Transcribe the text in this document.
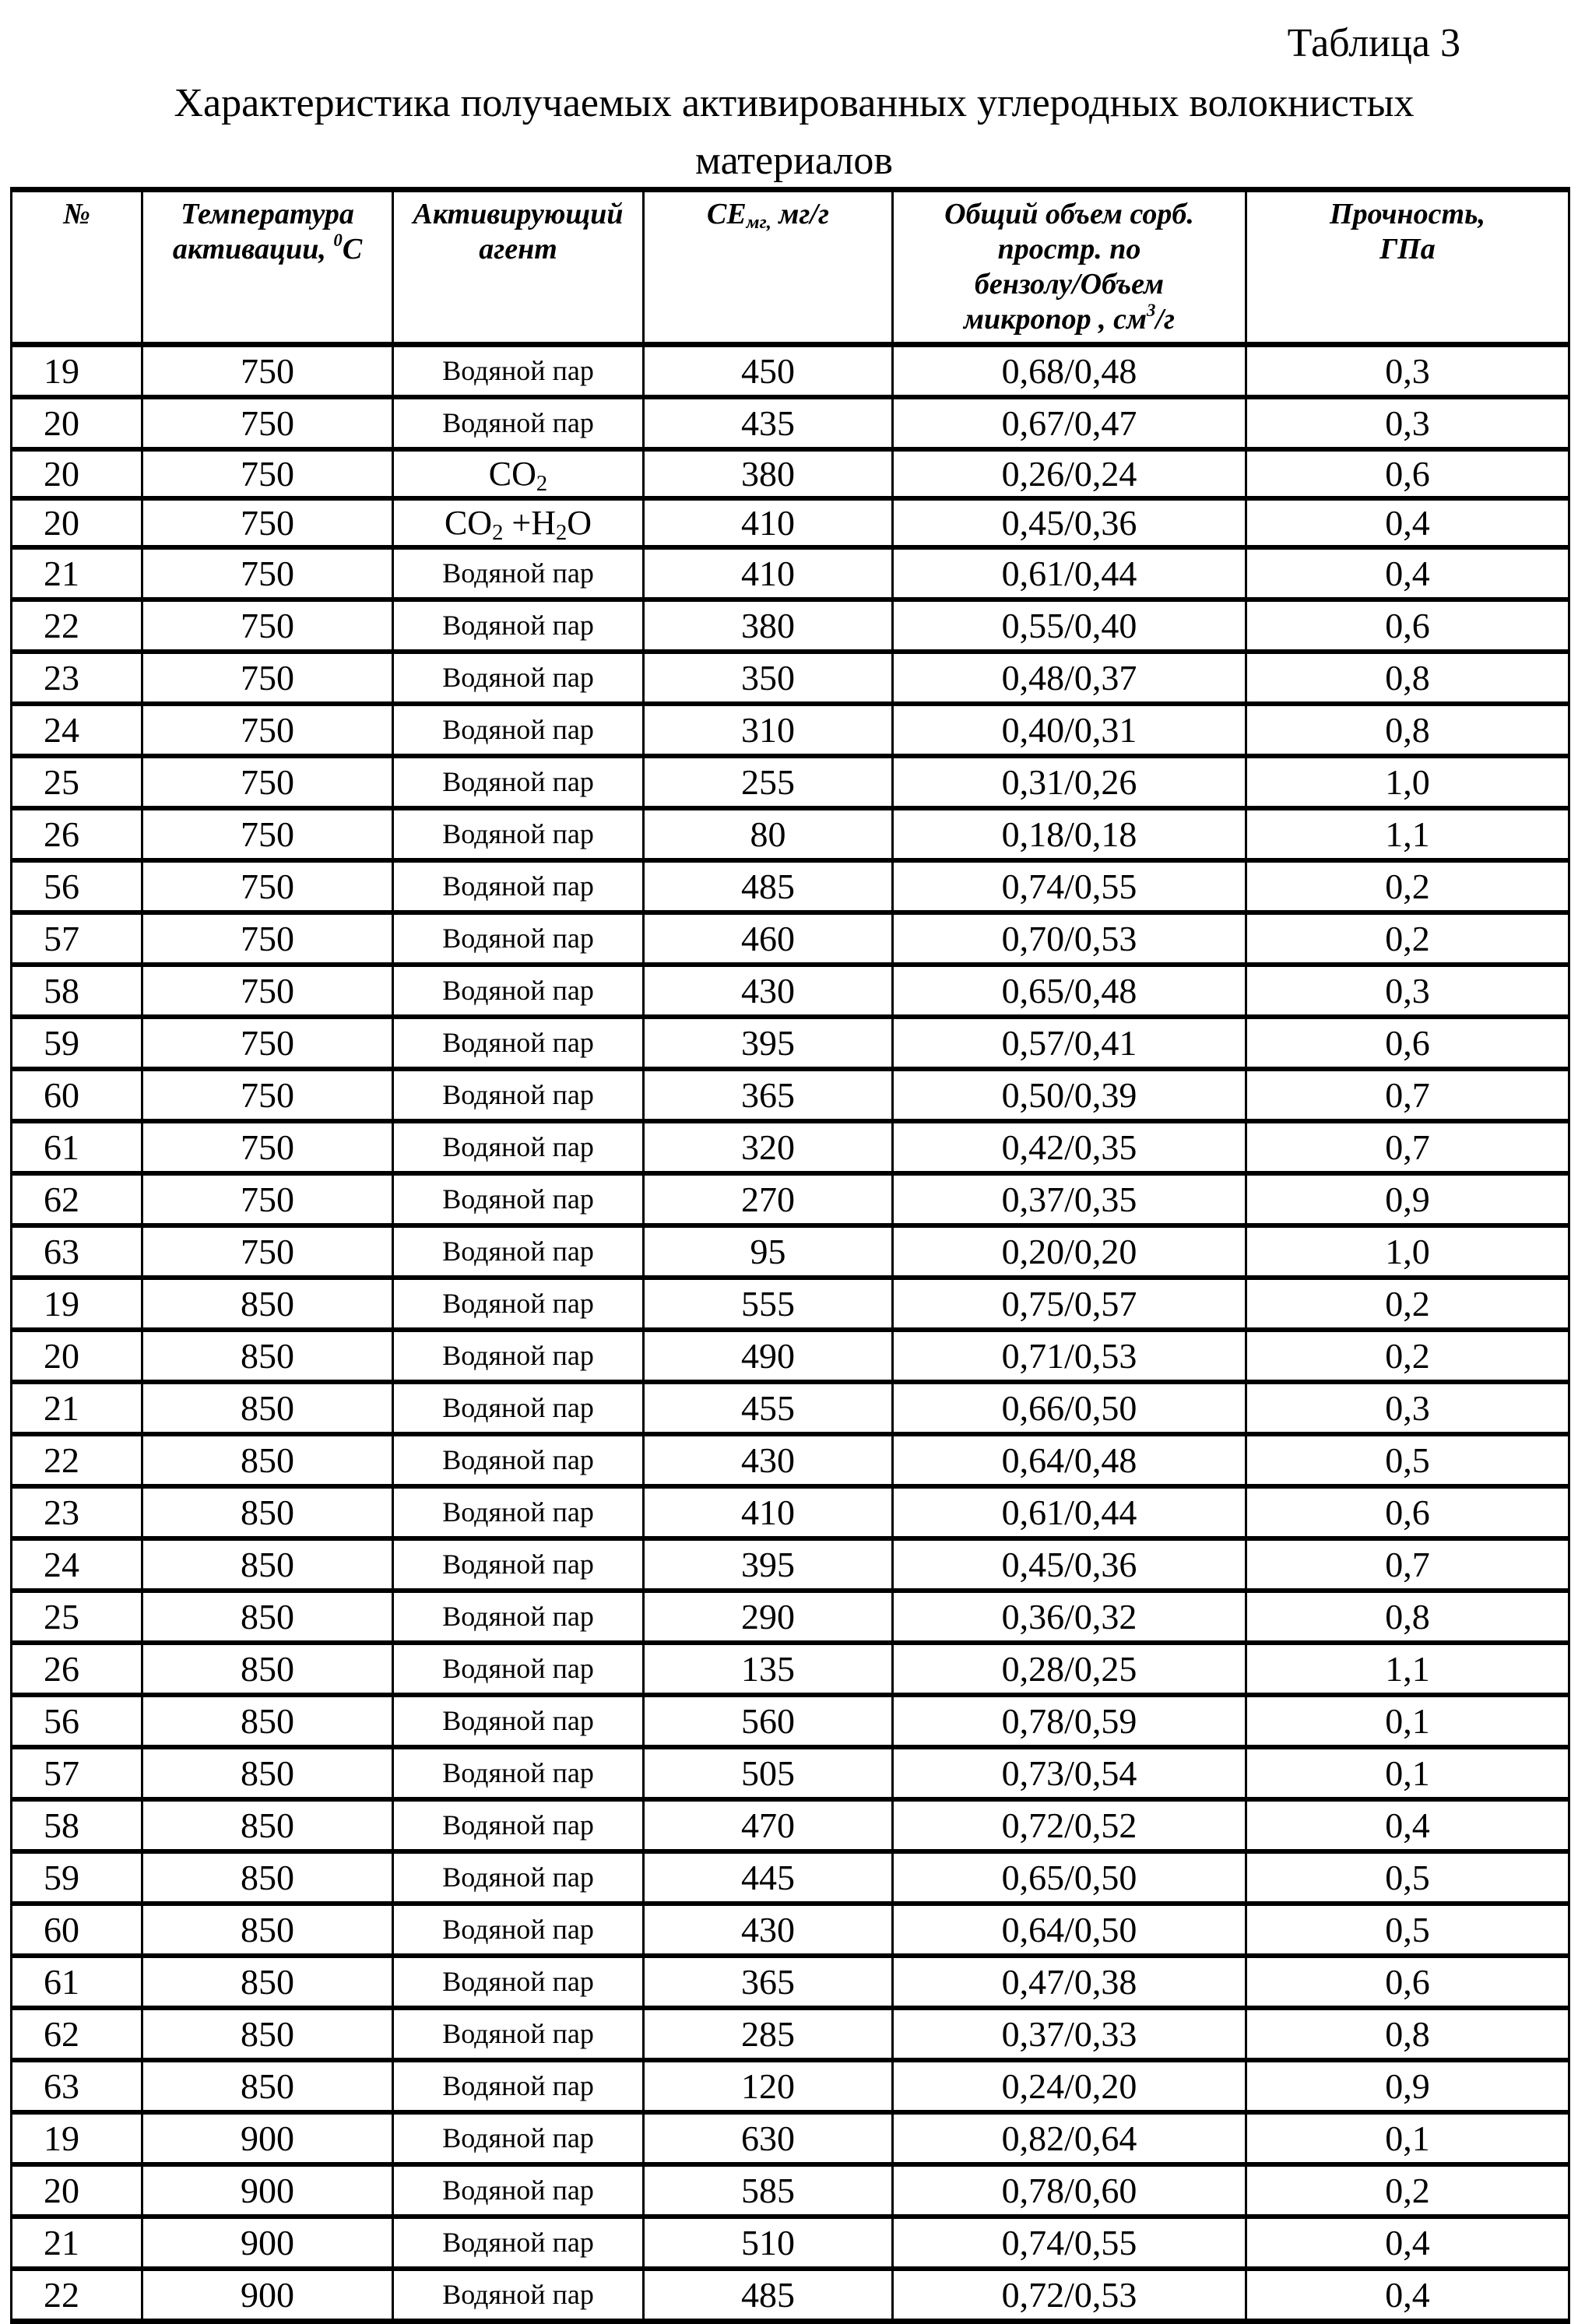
Таблица 3
Характеристика получаемых активированных углеродных волокнистых
материалов
№	Температура
активации, 0С

Активирующий
агент
	CEмг, мг/г	Общий объем сорб.
простр. по
бензолу/Объем
микропор , см3/г

Прочность,
ГПа

19	750	Водяной пар	450	0,68/0,48	0,3
20	750	Водяной пар	435	0,67/0,47	0,3
20	750	CO2	380	0,26/0,24	0,6
20	750	CO2 +H2O	410	0,45/0,36	0,4
21	750	Водяной пар	410	0,61/0,44	0,4
22	750	Водяной пар	380	0,55/0,40	0,6
23	750	Водяной пар	350	0,48/0,37	0,8
24	750	Водяной пар	310	0,40/0,31	0,8
25	750	Водяной пар	255	0,31/0,26	1,0
26	750	Водяной пар	80	0,18/0,18	1,1
56	750	Водяной пар	485	0,74/0,55	0,2
57	750	Водяной пар	460	0,70/0,53	0,2
58	750	Водяной пар	430	0,65/0,48	0,3
59	750	Водяной пар	395	0,57/0,41	0,6
60	750	Водяной пар	365	0,50/0,39	0,7
61	750	Водяной пар	320	0,42/0,35	0,7
62	750	Водяной пар	270	0,37/0,35	0,9
63	750	Водяной пар	95	0,20/0,20	1,0
19	850	Водяной пар	555	0,75/0,57	0,2
20	850	Водяной пар	490	0,71/0,53	0,2
21	850	Водяной пар	455	0,66/0,50	0,3
22	850	Водяной пар	430	0,64/0,48	0,5
23	850	Водяной пар	410	0,61/0,44	0,6
24	850	Водяной пар	395	0,45/0,36	0,7
25	850	Водяной пар	290	0,36/0,32	0,8
26	850	Водяной пар	135	0,28/0,25	1,1
56	850	Водяной пар	560	0,78/0,59	0,1
57	850	Водяной пар	505	0,73/0,54	0,1
58	850	Водяной пар	470	0,72/0,52	0,4
59	850	Водяной пар	445	0,65/0,50	0,5
60	850	Водяной пар	430	0,64/0,50	0,5
61	850	Водяной пар	365	0,47/0,38	0,6
62	850	Водяной пар	285	0,37/0,33	0,8
63	850	Водяной пар	120	0,24/0,20	0,9
19	900	Водяной пар	630	0,82/0,64	0,1
20	900	Водяной пар	585	0,78/0,60	0,2
21	900	Водяной пар	510	0,74/0,55	0,4
22	900	Водяной пар	485	0,72/0,53	0,4
